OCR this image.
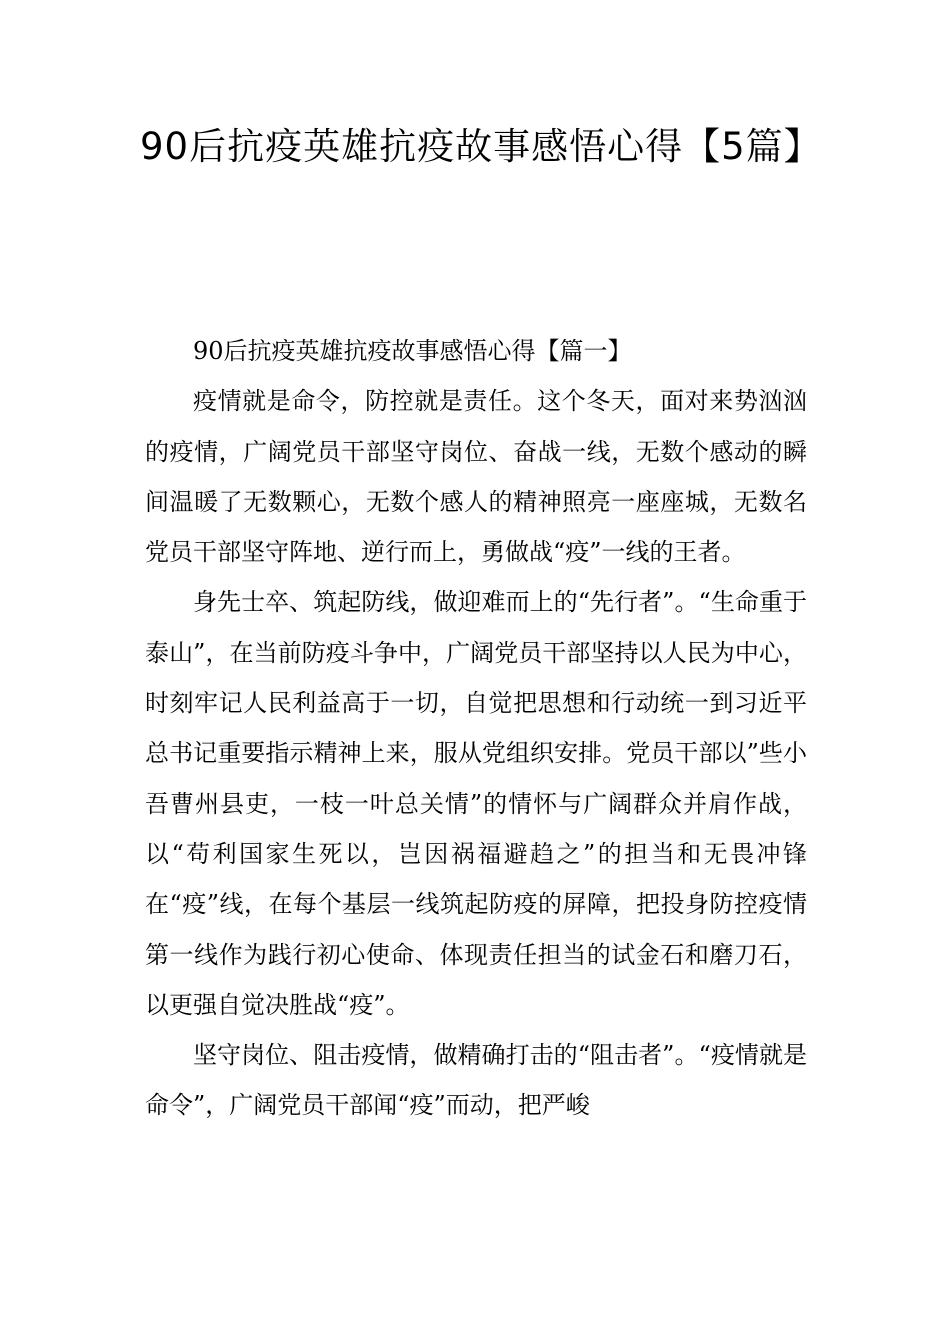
90后抗疫英雄抗疫故事感悟心得【5篇】

90后抗疫英雄抗疫故事感悟心得【篇一】

疫情就是命令，防控就是责任。这个冬天，面对来势汹汹的疫情，广阔党员干部坚守岗位、奋战一线，无数个感动的瞬间温暖了无数颗心，无数个感人的精神照亮一座座城，无数名党员干部坚守阵地、逆行而上，勇做战“疫”一线的王者。

身先士卒、筑起防线，做迎难而上的“先行者”。“生命重于泰山”，在当前防疫斗争中，广阔党员干部坚持以人民为中心，时刻牢记人民利益高于一切，自觉把思想和行动统一到习近平总书记重要指示精神上来，服从党组织安排。党员干部以”些小吾曹州县吏，一枝一叶总关情”的情怀与广阔群众并肩作战，以“苟利国家生死以，岂因祸福避趋之”的担当和无畏冲锋在“疫”线，在每个基层一线筑起防疫的屏障，把投身防控疫情第一线作为践行初心使命、体现责任担当的试金石和磨刀石，以更强自觉决胜战“疫”。

坚守岗位、阻击疫情，做精确打击的“阻击者”。“疫情就是命令”，广阔党员干部闻“疫”而动，把严峻
